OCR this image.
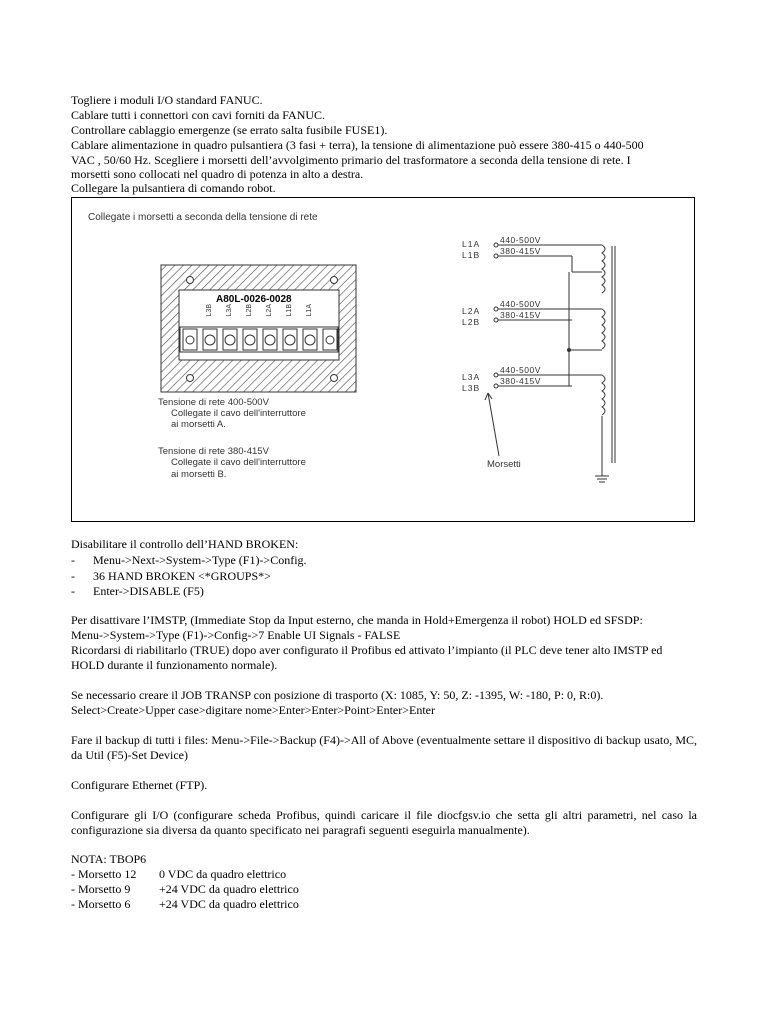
Togliere i moduli I/O standard FANUC.
Cablare tutti i connettori con cavi forniti da FANUC.
Controllare cablaggio emergenze (se errato salta fusibile FUSE1).
Cablare alimentazione in quadro pulsantiera (3 fasi + terra), la tensione di alimentazione può essere 380-415 o 440-500
VAC , 50/60 Hz. Scegliere i morsetti dell’avvolgimento primario del trasformatore a seconda della tensione di rete. I
morsetti sono collocati nel quadro di potenza in alto a destra.
Collegare la pulsantiera di comando robot.
Collegate i morsetti a seconda della tensione di rete
A80L-0026-0028
L3B L3A L2B L2A L1B L1A
Tensione di rete 400-500V
Collegate il cavo dell'interruttore
ai morsetti A.
Tensione di rete 380-415V
Collegate il cavo dell'interruttore
ai morsetti B.
L1A
L1B
440-500V
380-415V
L2A
L2B
440-500V
380-415V
L3A
L3B
440-500V
380-415V
Morsetti
Disabilitare il controllo dell’HAND BROKEN:
- Menu->Next->System->Type (F1)->Config.
- 36 HAND BROKEN <*GROUPS*>
- Enter->DISABLE (F5)
Per disattivare l’IMSTP, (Immediate Stop da Input esterno, che manda in Hold+Emergenza il robot) HOLD ed SFSDP:
Menu->System->Type (F1)->Config->7 Enable UI Signals - FALSE
Ricordarsi di riabilitarlo (TRUE) dopo aver configurato il Profibus ed attivato l’impianto (il PLC deve tener alto IMSTP ed
HOLD durante il funzionamento normale).
Se necessario creare il JOB TRANSP con posizione di trasporto (X: 1085, Y: 50, Z: -1395, W: -180, P: 0, R:0).
Select>Create>Upper case>digitare nome>Enter>Enter>Point>Enter>Enter
Fare il backup di tutti i files: Menu->File->Backup (F4)->All of Above (eventualmente settare il dispositivo di backup usato, MC, da Util (F5)-Set Device)
Configurare Ethernet (FTP).
Configurare gli I/O (configurare scheda Profibus, quindi caricare il file diocfgsv.io che setta gli altri parametri, nel caso la configurazione sia diversa da quanto specificato nei paragrafi seguenti eseguirla manualmente).
NOTA: TBOP6
- Morsetto 12 0 VDC da quadro elettrico
- Morsetto 9 +24 VDC da quadro elettrico
- Morsetto 6 +24 VDC da quadro elettrico
